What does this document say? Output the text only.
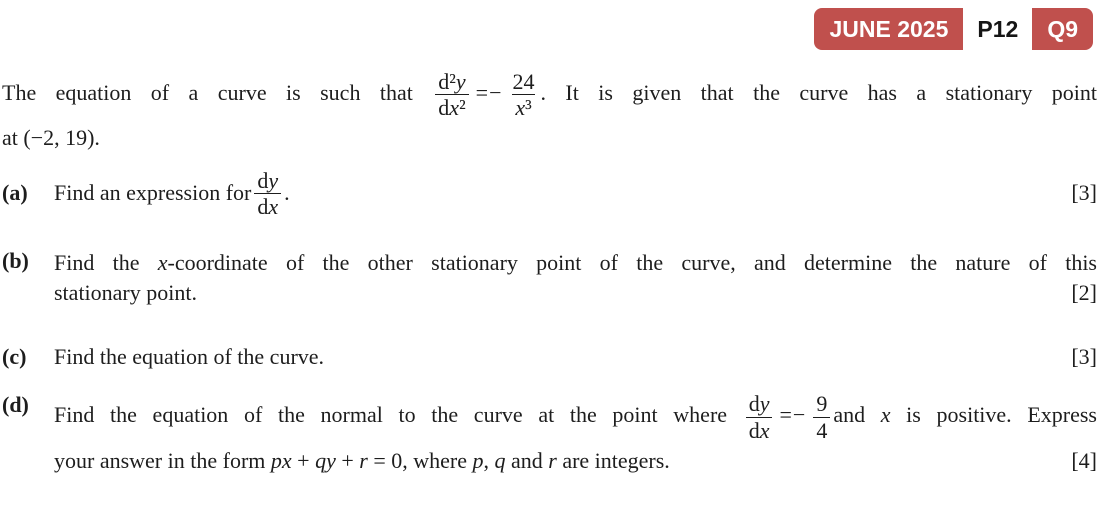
JUNE 2025	P12	Q9
The equation of a curve is such that $\frac{\text{d²y}}{\text{dx²}} =- \frac{24}{\text{x³}}$ . It is given that the curve has a stationary point
at (−2, 19).
(a)	Find an expression for $\frac{dy}{dx}$ .	[3]
(b)	Find the x-coordinate of the other stationary point of the curve, and determine the nature of this
stationary point.	[2]
(c)	Find the equation of the curve.	[3]
(d)	Find the equation of the normal to the curve at the point where $\frac{dy}{dx} =- \frac{9}{4}$ and x is positive. Express
your answer in the form px + qy + r = 0, where p, q and r are integers.	[4]
